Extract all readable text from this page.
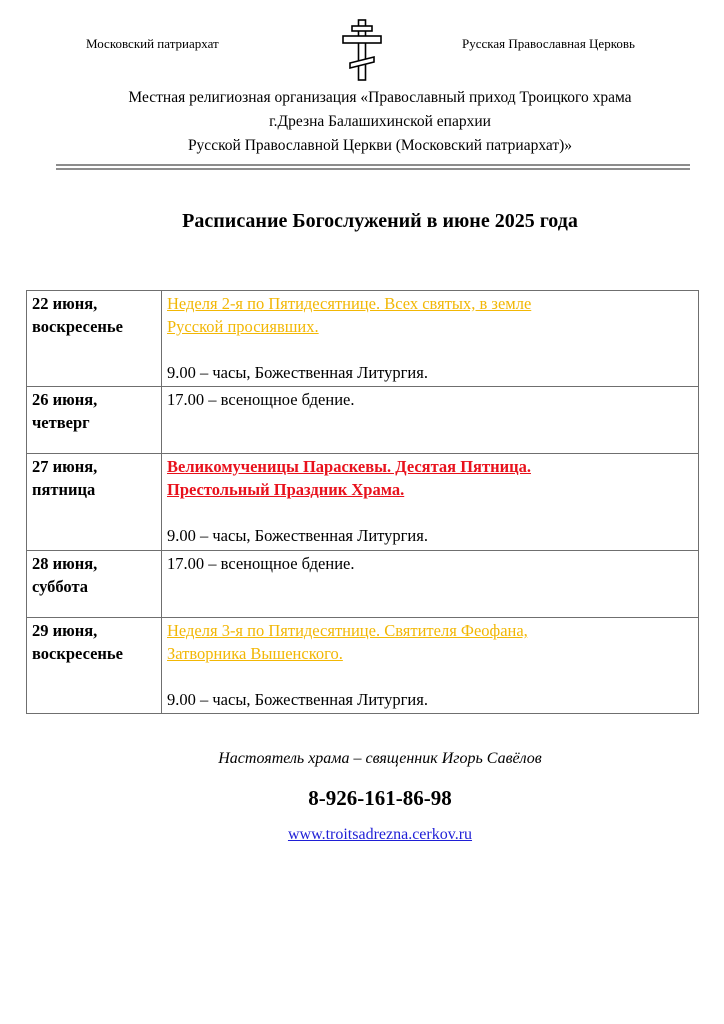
Московский патриархат	Русская Православная Церковь
Местная религиозная организация «Православный приход Троицкого храма
г.Дрезна Балашихинской епархии
Русской Православной Церкви (Московский патриархат)»
Расписание Богослужений в июне 2025 года
22 июня,
воскресенье	Неделя 2-я по Пятидесятнице. Всех святых, в земле
Русской просиявших.
9.00 – часы, Божественная Литургия.

26 июня,
четверг	17.00 – всенощное бдение.

27 июня,
пятница	Великомученицы Параскевы. Десятая Пятница.
Престольный Праздник Храма.
9.00 – часы, Божественная Литургия.

28 июня,
суббота	17.00 – всенощное бдение.

29 июня,
воскресенье	Неделя 3-я по Пятидесятнице. Святителя Феофана,
Затворника Вышенского.
9.00 – часы, Божественная Литургия.
Настоятель храма – священник Игорь Савёлов
8-926-161-86-98
www.troitsadrezna.cerkov.ru
